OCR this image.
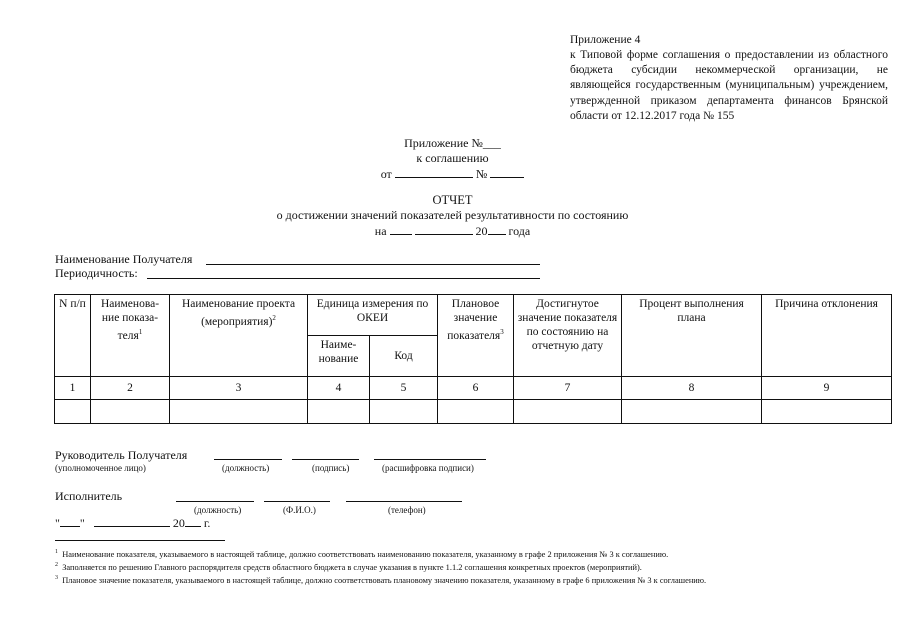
Приложение 4
к Типовой форме соглашения о предоставлении из областного бюджета субсидии некоммерческой организации, не являющейся государственным (муниципальным) учреждением, утвержденной приказом департамента финансов Брянской области от 12.12.2017 года № 155
Приложение №___
к соглашению
от	№
ОТЧЕТ
о достижении значений показателей результативности по состоянию
на	20 года
Наименование Получателя
Периодичность:
N п/п	Наименова-ние показа-теля$^1$	Наименование проекта (мероприятия)$^2$	Единица измерения по ОКЕИ		Плановое значение показателя$^3$	Достигнутое значение показателя по состоянию на отчетную дату	Процент выполнения плана	Причина отклонения
			Наиме-нование	Код				
1	2	3	4	5	6	7	8	9

Руководитель Получателя
(уполномоченное лицо)	(должность)	(подпись)	(расшифровка подписи)
Исполнитель
(должность)	(Ф.И.О.)	(телефон)
" "	20 г.
$^1$ Наименование показателя, указываемого в настоящей таблице, должно соответствовать наименованию показателя, указанному в графе 2 приложения № 3 к соглашению.
$^2$ Заполняется по решению Главного распорядителя средств областного бюджета в случае указания в пункте 1.1.2 соглашения конкретных проектов (мероприятий).
$^3$ Плановое значение показателя, указываемого в настоящей таблице, должно соответствовать плановому значению показателя, указанному в графе 6 приложения № 3 к соглашению.
